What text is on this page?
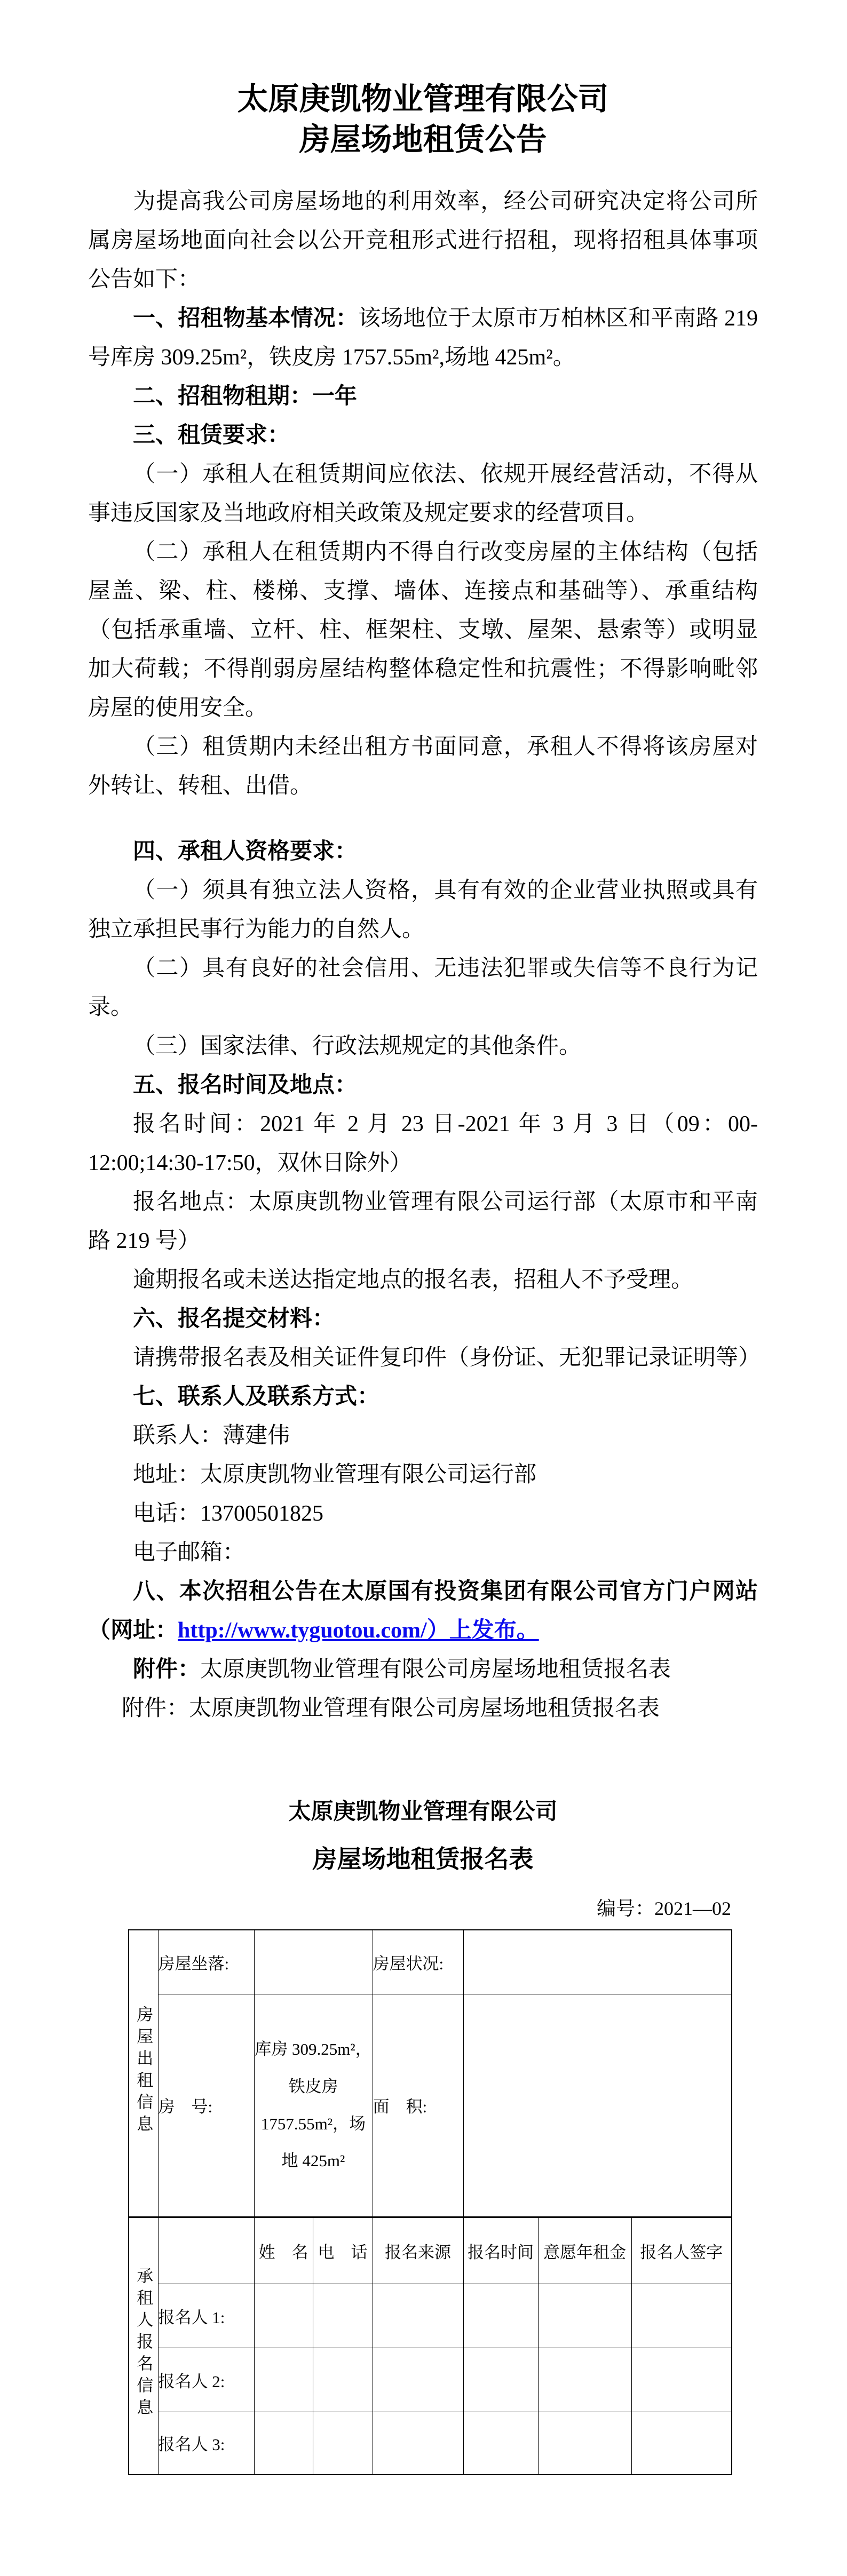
太原庚凯物业管理有限公司
房屋场地租赁公告

为提高我公司房屋场地的利用效率，经公司研究决定将公司所属房屋场地面向社会以公开竞租形式进行招租，现将招租具体事项公告如下：

一、招租物基本情况：该场地位于太原市万柏林区和平南路 219 号库房 309.25m²，铁皮房 1757.55m²,场地 425m²。

二、招租物租期：一年

三、租赁要求：

（一）承租人在租赁期间应依法、依规开展经营活动，不得从事违反国家及当地政府相关政策及规定要求的经营项目。

（二）承租人在租赁期内不得自行改变房屋的主体结构（包括屋盖、梁、柱、楼梯、支撑、墙体、连接点和基础等）、承重结构（包括承重墙、立杆、柱、框架柱、支墩、屋架、悬索等）或明显加大荷载；不得削弱房屋结构整体稳定性和抗震性；不得影响毗邻房屋的使用安全。

（三）租赁期内未经出租方书面同意，承租人不得将该房屋对外转让、转租、出借。

四、承租人资格要求：

（一）须具有独立法人资格，具有有效的企业营业执照或具有独立承担民事行为能力的自然人。

（二）具有良好的社会信用、无违法犯罪或失信等不良行为记录。

（三）国家法律、行政法规规定的其他条件。

五、报名时间及地点：

报名时间：2021 年 2 月 23 日-2021 年 3 月 3 日（09：00-12:00;14:30-17:50，双休日除外）

报名地点：太原庚凯物业管理有限公司运行部（太原市和平南路 219 号）

逾期报名或未送达指定地点的报名表，招租人不予受理。

六、报名提交材料：

请携带报名表及相关证件复印件（身份证、无犯罪记录证明等）

七、联系人及联系方式：

联系人：薄建伟

地址：太原庚凯物业管理有限公司运行部

电话：13700501825

电子邮箱：

八、本次招租公告在太原国有投资集团有限公司官方门户网站（网址：http://www.tyguotou.com/）上发布。

附件：太原庚凯物业管理有限公司房屋场地租赁报名表

附件：太原庚凯物业管理有限公司房屋场地租赁报名表

太原庚凯物业管理有限公司

房屋场地租赁报名表

编号：2021—02
房屋出租信息	房屋坐落:			房屋状况:			
	房　号:	库房 309.25m²，铁皮房 1757.55m²，场地 425m²		面　积:			
承租人报名信息		姓　名	电　话	报名来源	报名时间	意愿年租金	报名人签字
	报名人 1:						
	报名人 2:						
	报名人 3:						
